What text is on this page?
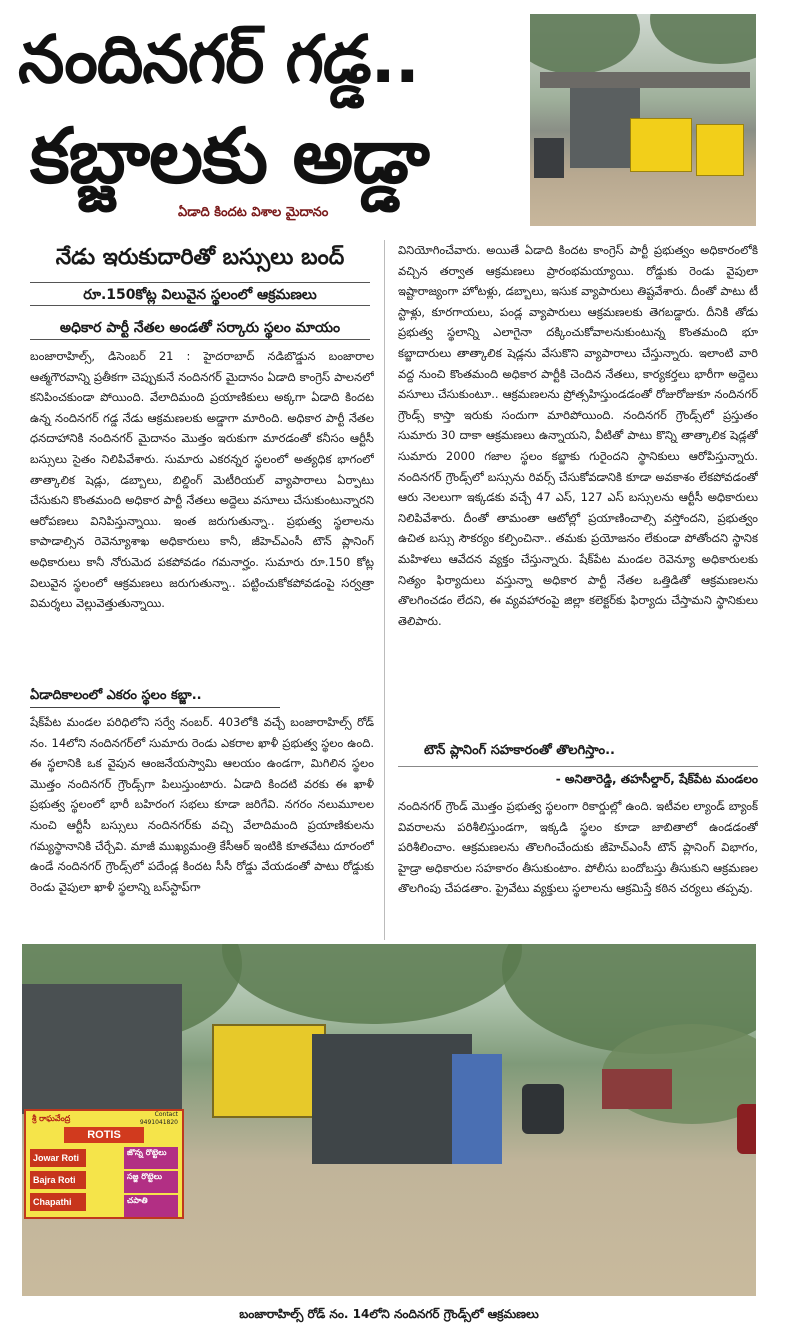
నందినగర్ గడ్డ..
కబ్జాలకు అడ్డా
ఏడాది కిందట విశాల మైదానం
నేడు ఇరుకుదారితో బస్సులు బంద్
రూ.150కోట్ల విలువైన స్థలంలో ఆక్రమణలు
అధికార పార్టీ నేతల అండతో సర్కారు స్థలం మాయం
బంజారాహిల్స్, డిసెంబర్ 21 : హైదరాబాద్ నడిబొడ్డున బంజారాల ఆత్మగౌరవాన్ని ప్రతీకగా చెప్పుకునే నందినగర్ మైదానం ఏడాది కాంగ్రెస్ పాలనలో కనిపించకుండా పోయింది. వేలాదిమంది ప్రయాణికులు అక్కగా ఏడాది కిందట ఉన్న నందినగర్ గడ్డ నేడు ఆక్రమణలకు అడ్డాగా మారింది. అధికార పార్టీ నేతల ధనదాహానికి నందినగర్ మైదానం మొత్తం ఇరుకుగా మారడంతో కనీసం ఆర్టీసీ బస్సులు సైతం నిలిపివేశారు. సుమారు ఎకరన్నర స్థలంలో అత్యధిక భాగంలో తాత్కాలిక షెడ్లు, డబ్బాలు, బిల్డింగ్ మెటీరియల్ వ్యాపారాలు ఏర్పాటు చేసుకుని కొంతమంది అధికార పార్టీ నేతలు అద్దెలు వసూలు చేసుకుంటున్నారని ఆరోపణలు వినిపిస్తున్నాయి. ఇంత జరుగుతున్నా.. ప్రభుత్వ స్థలాలను కాపాడాల్సిన రెవెన్యూశాఖ అధికారులు కానీ, జీహెచ్ఎంసీ టౌన్ ప్లానింగ్ అధికారులు కానీ నోరుమెద పకపోవడం గమనార్హం. సుమారు రూ.150 కోట్ల విలువైన స్థలంలో ఆక్రమణలు జరుగుతున్నా.. పట్టించుకోకపోవడంపై సర్వత్రా విమర్శలు వెల్లువెత్తుతున్నాయి.
ఏడాదికాలంలో ఎకరం స్థలం కబ్జా..
షేక్‌పేట మండల పరిధిలోని సర్వే నంబర్. 403లోకి వచ్చే బంజారాహిల్స్ రోడ్ నం. 14లోని నందినగర్‌లో సుమారు రెండు ఎకరాల ఖాళీ ప్రభుత్వ స్థలం ఉంది. ఈ స్థలానికి ఒక వైపున ఆంజనేయస్వామి ఆలయం ఉండగా, మిగిలిన స్థలం మొత్తం నందినగర్ గ్రౌండ్స్‌గా పిలుస్తుంటారు. ఏడాది కిందటి వరకు ఈ ఖాళీ ప్రభుత్వ స్థలంలో భారీ బహిరంగ సభలు కూడా జరిగేవి. నగరం నలుమూలల నుంచి ఆర్టీసీ బస్సులు నందినగర్‌కు వచ్చి వేలాదిమంది ప్రయాణికులను గమ్యస్థానానికి చేర్చేవి. మాజీ ముఖ్యమంత్రి కేసీఆర్ ఇంటికి కూతవేటు దూరంలో ఉండే నందినగర్ గ్రౌండ్స్‌లో పదేండ్ల కిందట సీసీ రోడ్డు వేయడంతో పాటు రోడ్డుకు రెండు వైపులా ఖాళీ స్థలాన్ని బస్‌స్టాప్‌గా
వినియోగించేవారు. అయితే ఏడాది కిందట కాంగ్రెస్ పార్టీ ప్రభుత్వం అధికారంలోకి వచ్చిన తర్వాత ఆక్రమణలు ప్రారంభమయ్యాయి. రోడ్డుకు రెండు వైపులా ఇష్టారాజ్యంగా హోటళ్లు, డబ్బాలు, ఇసుక వ్యాపారులు తిష్టవేశారు. దీంతో పాటు టీ స్టాళ్లు, కూరగాయలు, పండ్ల వ్యాపారులు ఆక్రమణలకు తెగబడ్డారు. దీనికి తోడు ప్రభుత్వ స్థలాన్ని ఎలాగైనా దక్కించుకోవాలనుకుంటున్న కొంతమంది భూ కబ్జాదారులు తాత్కాలిక షెడ్లను వేసుకొని వ్యాపారాలు చేస్తున్నారు. ఇలాంటి వారి వద్ద నుంచి కొంతమంది అధికార పార్టీకి చెందిన నేతలు, కార్యకర్తలు భారీగా అద్దెలు వసూలు చేసుకుంటూ.. ఆక్రమణలను ప్రోత్సహిస్తుండడంతో రోజురోజుకూ నందినగర్ గ్రౌండ్స్ కాస్తా ఇరుకు సందుగా మారిపోయింది. నందినగర్ గ్రౌండ్స్‌లో ప్రస్తుతం సుమారు 30 దాకా ఆక్రమణలు ఉన్నాయని, వీటితో పాటు కొన్ని తాత్కాలిక షెడ్లతో సుమారు 2000 గజాల స్థలం కబ్జాకు గురైందని స్థానికులు ఆరోపిస్తున్నారు. నందినగర్ గ్రౌండ్స్‌లో బస్సును రివర్స్ చేసుకోవడానికి కూడా అవకాశం లేకపోవడంతో ఆరు నెలలుగా ఇక్కడకు వచ్చే 47 ఎస్, 127 ఎస్ బస్సులను ఆర్టీసీ అధికారులు నిలిపివేశారు. దీంతో తామంతా ఆటోల్లో ప్రయాణించాల్సి వస్తోందని, ప్రభుత్వం ఉచిత బస్సు సౌకర్యం కల్పించినా.. తమకు ప్రయోజనం లేకుండా పోతోందని స్థానిక మహిళలు ఆవేదన వ్యక్తం చేస్తున్నారు. షేక్‌పేట మండల రెవెన్యూ అధికారులకు నిత్యం ఫిర్యాదులు వస్తున్నా అధికార పార్టీ నేతల ఒత్తిడితో ఆక్రమణలను తొలగించడం లేదని, ఈ వ్యవహారంపై జిల్లా కలెక్టర్‌కు ఫిర్యాదు చేస్తామని స్థానికులు తెలిపారు.
టౌన్ ప్లానింగ్ సహకారంతో తొలగిస్తాం..
- అనితారెడ్డి, తహసీల్దార్, షేక్‌పేట మండలం
నందినగర్ గ్రౌండ్ మొత్తం ప్రభుత్వ స్థలంగా రికార్డుల్లో ఉంది. ఇటీవల ల్యాండ్ బ్యాంక్ వివరాలను పరిశీలిస్తుండగా, ఇక్కడి స్థలం కూడా జాబితాలో ఉండడంతో పరిశీలించాం. ఆక్రమణలను తొలగించేందుకు జీహెచ్ఎంసీ టౌన్ ప్లానింగ్ విభాగం, హైడ్రా అధికారుల సహకారం తీసుకుంటాం. పోలీసు బందోబస్తు తీసుకుని ఆక్రమణల తొలగింపు చేపడతాం. ప్రైవేటు వ్యక్తులు స్థలాలను ఆక్రమిస్తే కఠిన చర్యలు తప్పవు.
శ్రీ రాఘవేంద్ర	Contact 9491041820
ROTIS
Jowar Roti
Bajra Roti
Chapathi
జొన్న రొట్టెలు
సజ్జ రొట్టెలు
చపాతి
బంజారాహిల్స్ రోడ్ నం. 14లోని నందినగర్ గ్రౌండ్స్‌లో ఆక్రమణలు
